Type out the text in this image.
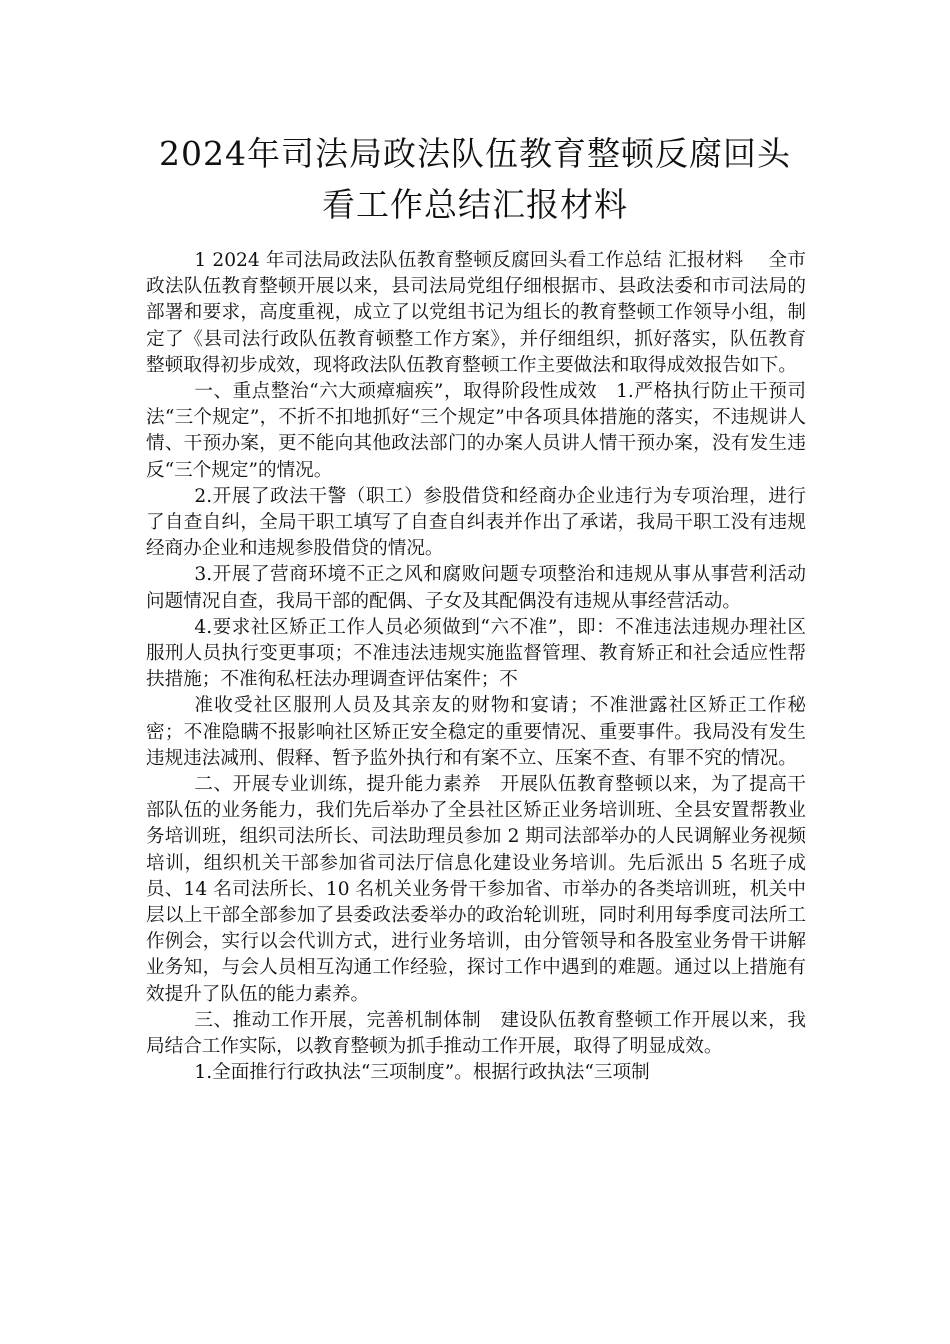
2024年司法局政法队伍教育整顿反腐回头
看工作总结汇报材料

1 2024 年司法局政法队伍教育整顿反腐回头看工作总结 汇报材料　 全市政法队伍教育整顿开展以来，县司法局党组仔细根据市、县政法委和市司法局的部署和要求，高度重视，成立了以党组书记为组长的教育整顿工作领导小组，制定了《县司法行政队伍教育顿整工作方案》，并仔细组织，抓好落实，队伍教育整顿取得初步成效，现将政法队伍教育整顿工作主要做法和取得成效报告如下。

一、重点整治“六大顽瘴痼疾”，取得阶段性成效　1.严格执行防止干预司法“三个规定”，不折不扣地抓好“三个规定”中各项具体措施的落实，不违规讲人情、干预办案，更不能向其他政法部门的办案人员讲人情干预办案，没有发生违反“三个规定”的情况。

2.开展了政法干警（职工）参股借贷和经商办企业违行为专项治理，进行了自查自纠，全局干职工填写了自查自纠表并作出了承诺，我局干职工没有违规经商办企业和违规参股借贷的情况。

3.开展了营商环境不正之风和腐败问题专项整治和违规从事从事营利活动问题情况自查，我局干部的配偶、子女及其配偶没有违规从事经营活动。

4.要求社区矫正工作人员必须做到“六不准”，即：不准违法违规办理社区服刑人员执行变更事项；不准违法违规实施监督管理、教育矫正和社会适应性帮扶措施；不准徇私枉法办理调查评估案件；不

准收受社区服刑人员及其亲友的财物和宴请；不准泄露社区矫正工作秘密；不准隐瞒不报影响社区矫正安全稳定的重要情况、重要事件。我局没有发生违规违法减刑、假释、暂予监外执行和有案不立、压案不查、有罪不究的情况。

二、开展专业训练，提升能力素养　开展队伍教育整顿以来，为了提高干部队伍的业务能力，我们先后举办了全县社区矫正业务培训班、全县安置帮教业务培训班，组织司法所长、司法助理员参加 2 期司法部举办的人民调解业务视频培训，组织机关干部参加省司法厅信息化建设业务培训。先后派出 5 名班子成员、14 名司法所长、10 名机关业务骨干参加省、市举办的各类培训班，机关中层以上干部全部参加了县委政法委举办的政治轮训班，同时利用每季度司法所工作例会，实行以会代训方式，进行业务培训，由分管领导和各股室业务骨干讲解业务知，与会人员相互沟通工作经验，探讨工作中遇到的难题。通过以上措施有效提升了队伍的能力素养。

三、推动工作开展，完善机制体制　建设队伍教育整顿工作开展以来，我局结合工作实际，以教育整顿为抓手推动工作开展，取得了明显成效。

1.全面推行行政执法“三项制度”。根据行政执法“三项制
